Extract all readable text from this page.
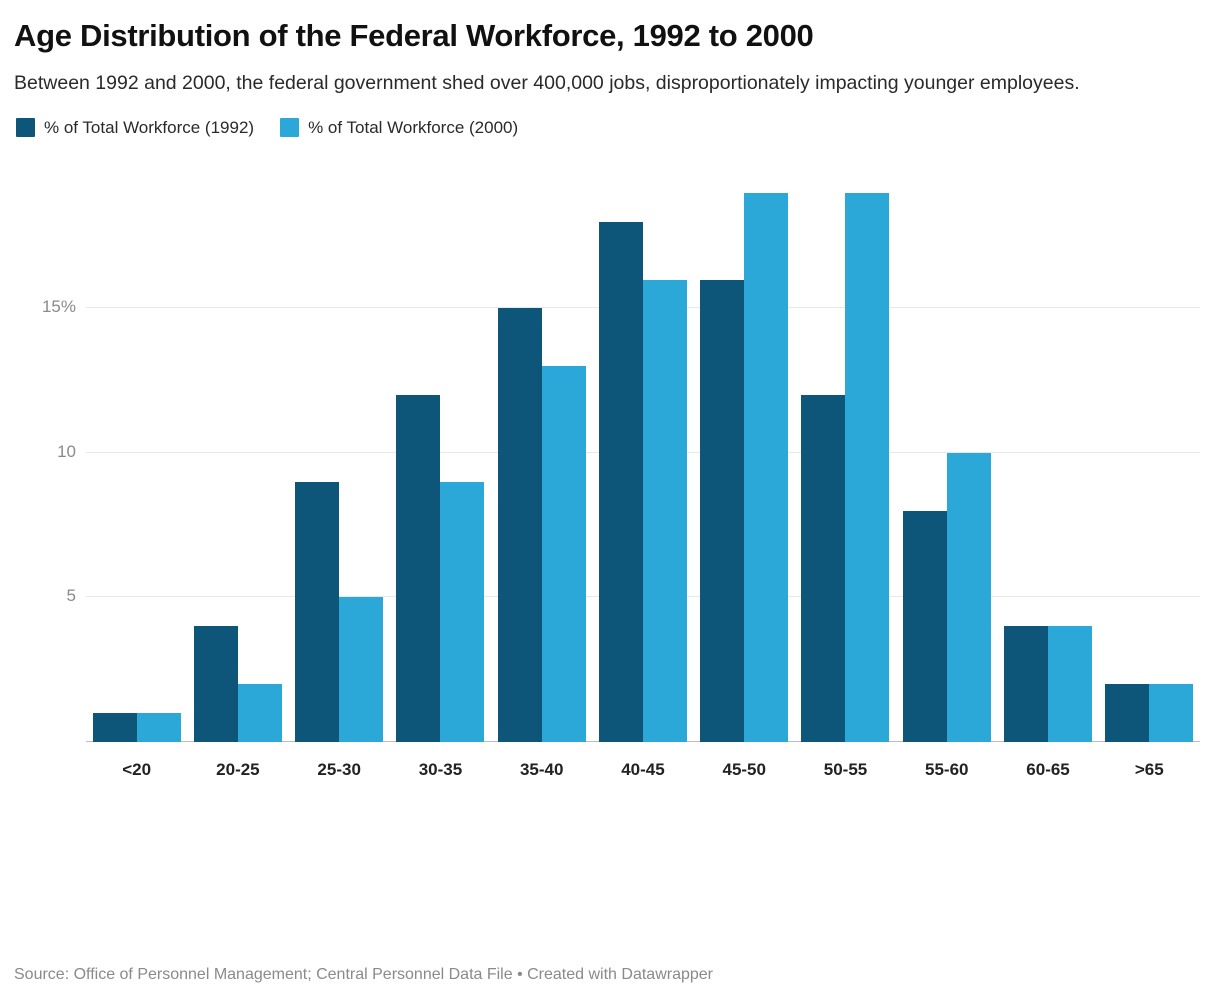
Age Distribution of the Federal Workforce, 1992 to 2000

Between 1992 and 2000, the federal government shed over 400,000 jobs, disproportionately impacting younger employees.

% of Total Workforce (1992)	% of Total Workforce (2000)
5
10
15%
<20	20-25	25-30	30-35	35-40	40-45	45-50	50-55	55-60	60-65	>65
Source: Office of Personnel Management; Central Personnel Data File • Created with Datawrapper
